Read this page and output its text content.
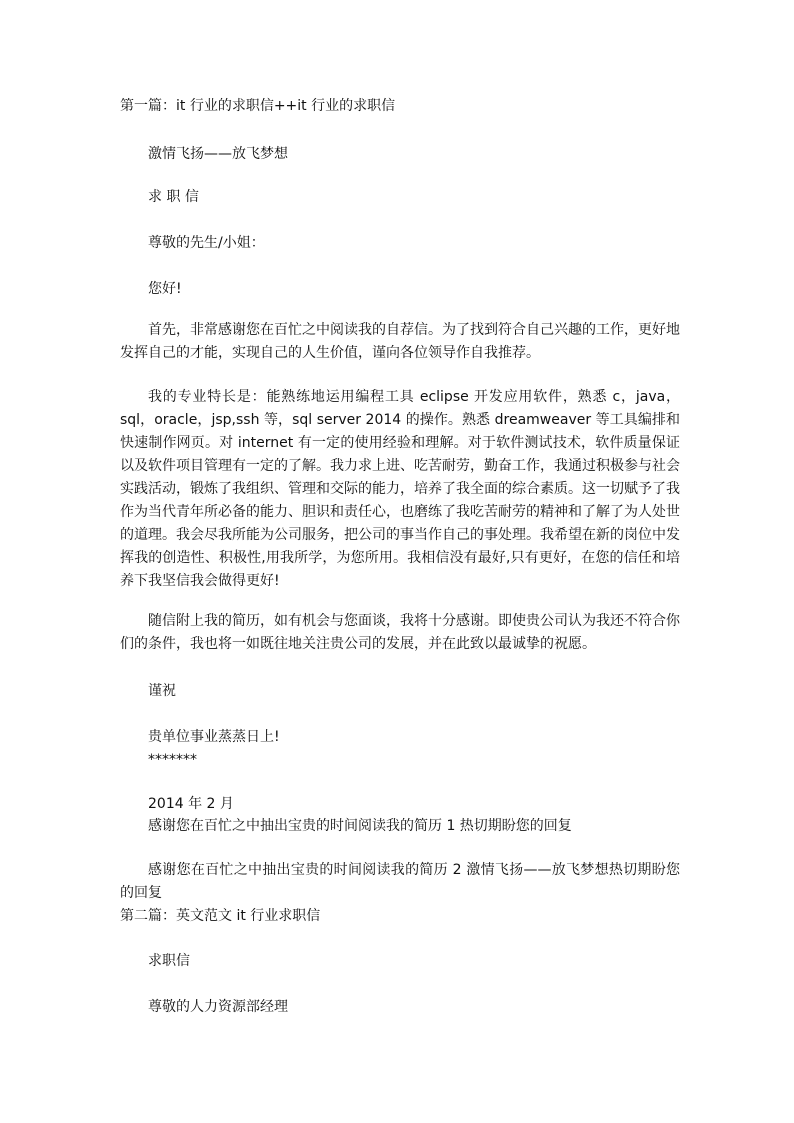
第一篇：it 行业的求职信++it 行业的求职信
激情飞扬——放飞梦想
求 职 信
尊敬的先生/小姐：
您好!
首先，非常感谢您在百忙之中阅读我的自荐信。为了找到符合自己兴趣的工作，更好地发挥自己的才能，实现自己的人生价值，谨向各位领导作自我推荐。
我的专业特长是：能熟练地运用编程工具 eclipse 开发应用软件，熟悉 c，java，sql，oracle，jsp,ssh 等，sql server 2014 的操作。熟悉 dreamweaver 等工具编排和快速制作网页。对 internet 有一定的使用经验和理解。对于软件测试技术，软件质量保证以及软件项目管理有一定的了解。我力求上进、吃苦耐劳，勤奋工作，我通过积极参与社会实践活动，锻炼了我组织、管理和交际的能力，培养了我全面的综合素质。这一切赋予了我作为当代青年所必备的能力、胆识和责任心，也磨练了我吃苦耐劳的精神和了解了为人处世的道理。我会尽我所能为公司服务，把公司的事当作自己的事处理。我希望在新的岗位中发挥我的创造性、积极性,用我所学，为您所用。我相信没有最好,只有更好，在您的信任和培养下我坚信我会做得更好!
随信附上我的简历，如有机会与您面谈，我将十分感谢。即使贵公司认为我还不符合你们的条件，我也将一如既往地关注贵公司的发展，并在此致以最诚挚的祝愿。
谨祝
贵单位事业蒸蒸日上!
*******
2014 年 2 月
感谢您在百忙之中抽出宝贵的时间阅读我的简历 1 热切期盼您的回复
感谢您在百忙之中抽出宝贵的时间阅读我的简历 2 激情飞扬——放飞梦想热切期盼您的回复
第二篇：英文范文 it 行业求职信
求职信
尊敬的人力资源部经理
